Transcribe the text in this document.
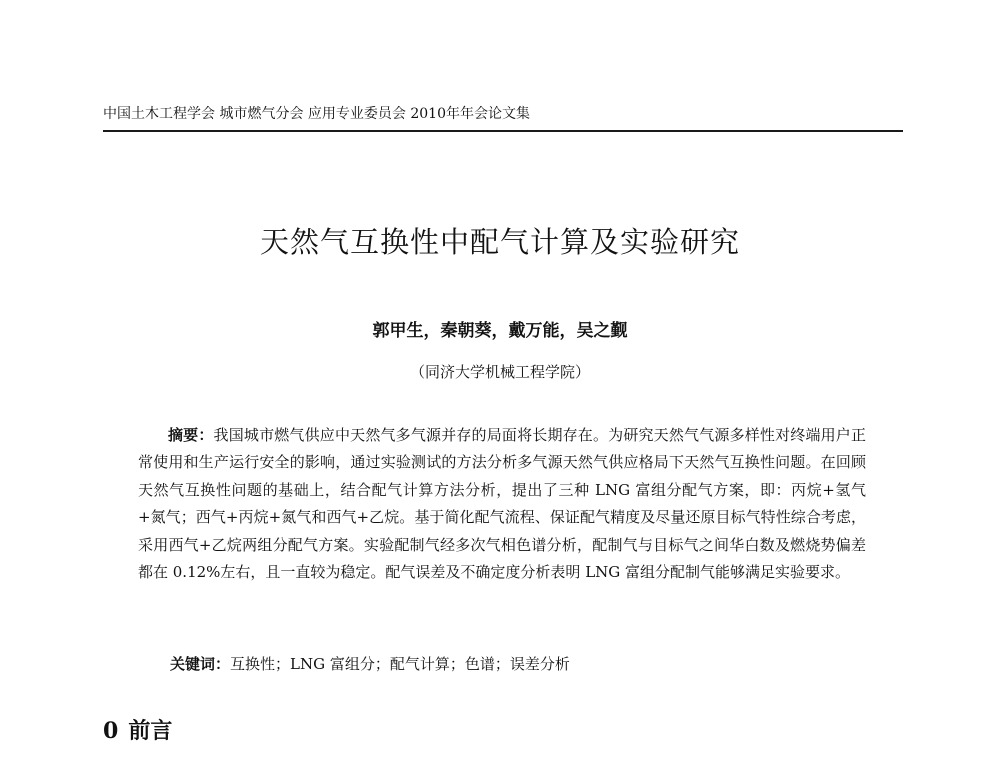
中国土木工程学会 城市燃气分会 应用专业委员会 2010年年会论文集
天然气互换性中配气计算及实验研究
郭甲生，秦朝葵，戴万能，吴之觐
（同济大学机械工程学院）

摘要：我国城市燃气供应中天然气多气源并存的局面将长期存在。为研究天然气气源多样性对终端用户正常使用和生产运行安全的影响，通过实验测试的方法分析多气源天然气供应格局下天然气互换性问题。在回顾天然气互换性问题的基础上，结合配气计算方法分析，提出了三种 LNG 富组分配气方案，即：丙烷+氢气+氮气；西气+丙烷+氮气和西气+乙烷。基于简化配气流程、保证配气精度及尽量还原目标气特性综合考虑，采用西气+乙烷两组分配气方案。实验配制气经多次气相色谱分析，配制气与目标气之间华白数及燃烧势偏差都在 0.12%左右，且一直较为稳定。配气误差及不确定度分析表明 LNG 富组分配制气能够满足实验要求。

关键词：互换性；LNG 富组分；配气计算；色谱；误差分析
0 前言
